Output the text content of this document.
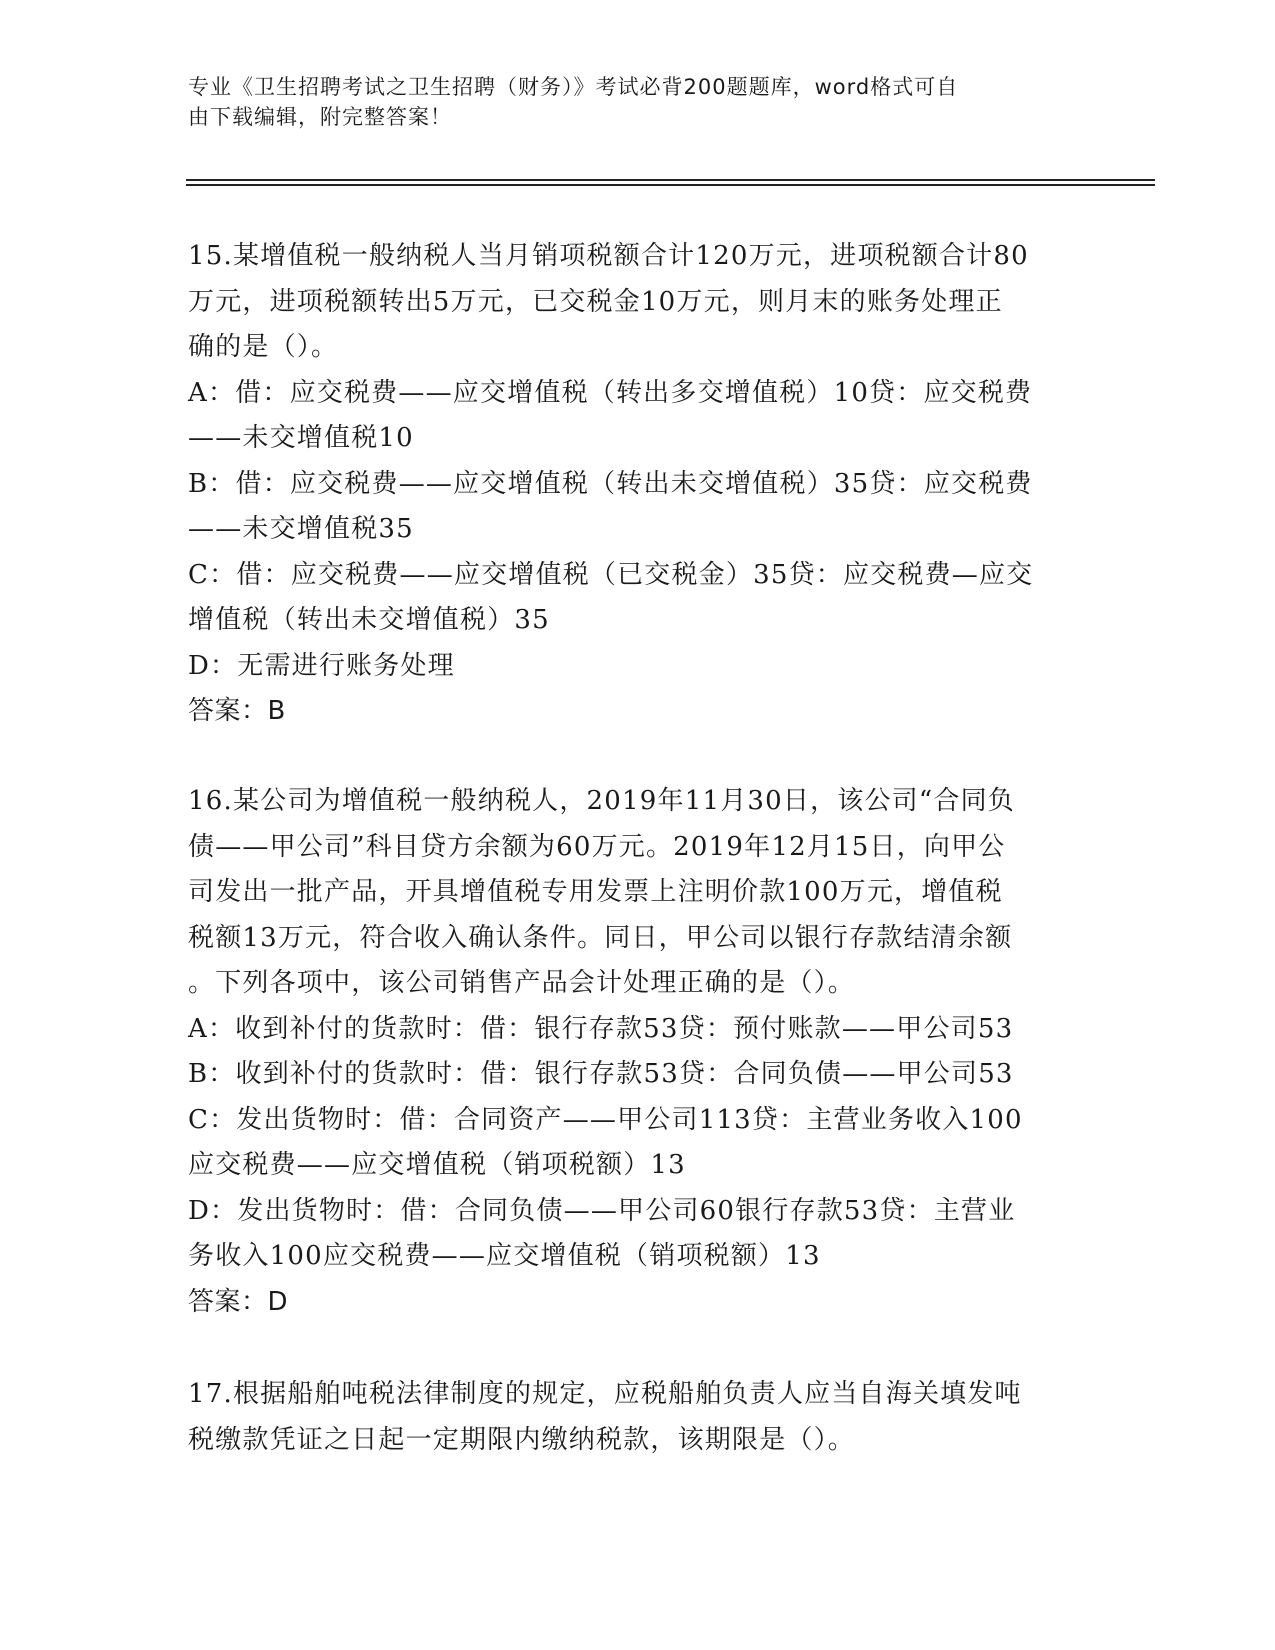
专业《卫生招聘考试之卫生招聘（财务）》考试必背200题题库，word格式可自
由下载编辑，附完整答案！

15.某增值税一般纳税人当月销项税额合计120万元，进项税额合计80

万元，进项税额转出5万元，已交税金10万元，则月末的账务处理正

确的是（）。

A：借：应交税费——应交增值税（转出多交增值税）10贷：应交税费

——未交增值税10

B：借：应交税费——应交增值税（转出未交增值税）35贷：应交税费

——未交增值税35

C：借：应交税费——应交增值税（已交税金）35贷：应交税费—应交

增值税（转出未交增值税）35

D：无需进行账务处理

答案：B

16.某公司为增值税一般纳税人，2019年11月30日，该公司“合同负

债——甲公司”科目贷方余额为60万元。2019年12月15日，向甲公

司发出一批产品，开具增值税专用发票上注明价款100万元，增值税

税额13万元，符合收入确认条件。同日，甲公司以银行存款结清余额

。下列各项中，该公司销售产品会计处理正确的是（）。

A：收到补付的货款时：借：银行存款53贷：预付账款——甲公司53

B：收到补付的货款时：借：银行存款53贷：合同负债——甲公司53

C：发出货物时：借：合同资产——甲公司113贷：主营业务收入100

应交税费——应交增值税（销项税额）13

D：发出货物时：借：合同负债——甲公司60银行存款53贷：主营业

务收入100应交税费——应交增值税（销项税额）13

答案：D

17.根据船舶吨税法律制度的规定，应税船舶负责人应当自海关填发吨

税缴款凭证之日起一定期限内缴纳税款，该期限是（）。
